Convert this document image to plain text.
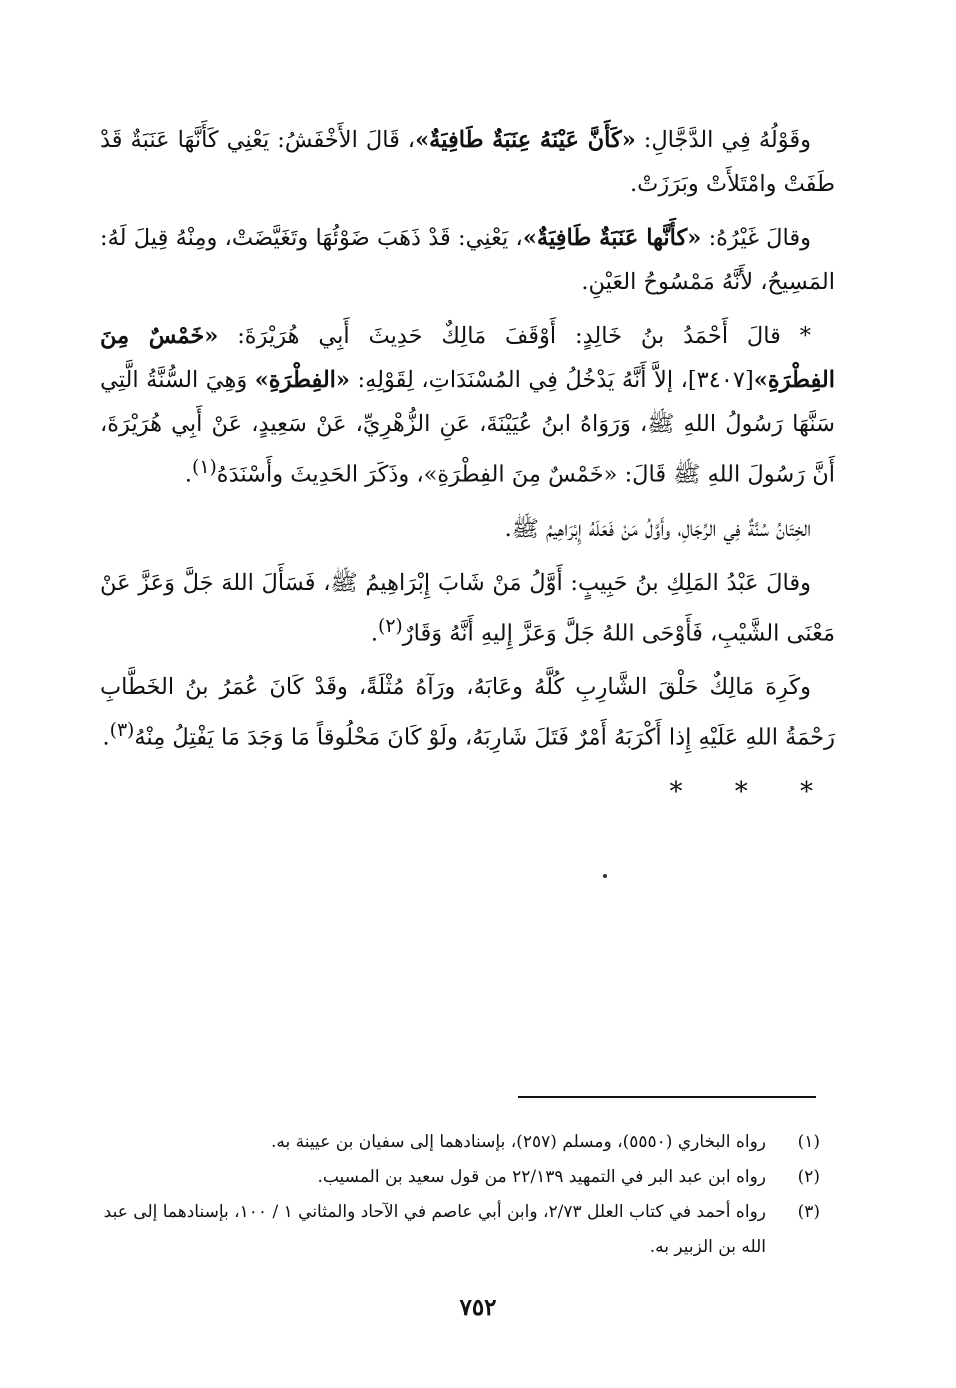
وقَوْلُهُ فِي الدَّجَّالِ: «كَأَنَّ عَيْنَهُ عِنَبَةٌ طَافِيَةٌ»، قَالَ الأَخْفَشُ: يَعْنِي كَأَنَّهَا عَنَبَةٌ قَدْ طَفَتْ وامْتَلأَتْ وبَرَزَتْ.

وقالَ غَيْرُهُ: «كأَنَّها عَنَبَةٌ طَافِيَةٌ»، يَعْنِي: قَدْ ذَهَبَ ضَوْئُهَا وتَغَيَّضَتْ، ومِنْهُ قِيلَ لَهُ: المَسِيحُ، لأَنَّهُ مَمْسُوحُ العَيْنِ.

* قالَ أَحْمَدُ بنُ خَالِدٍ: أَوْقَفَ مَالِكٌ حَدِيثَ أَبِي هُرَيْرَةَ: «خَمْسٌ مِنَ الفِطْرَةِ»[٣٤٠٧]، إلاَّ أَنَّهُ يَدْخُلُ فِي المُسْنَدَاتِ، لِقَوْلِهِ: «الفِطْرَةِ» وَهِيَ السُّنَّةُ الَّتِي سَنَّهَا رَسُولُ اللهِ ﷺ، وَرَوَاهُ ابنُ عُيَيْنَةَ، عَنِ الزُّهْرِيِّ، عَنْ سَعِيدٍ، عَنْ أَبِي هُرَيْرَةَ، أَنَّ رَسُولَ اللهِ ﷺ قَالَ: «خَمْسٌ مِنَ الفِطْرَةِ»، وذَكَرَ الحَدِيثَ وأَسْنَدَهُ$^{(١)}$.

الخِتَانُ سُنَّةٌ فِي الرِّجَالِ، وأَوَّلُ مَنْ فَعَلَهُ إِبْرَاهِيمُ ﷺ.

وقالَ عَبْدُ المَلِكِ بنُ حَبِيبٍ: أَوَّلُ مَنْ شَابَ إِبْرَاهِيمُ ﷺ، فَسَأَلَ اللهَ جَلَّ وَعَزَّ عَنْ مَعْنَى الشَّيْبِ، فَأَوْحَى اللهُ جَلَّ وَعَزَّ إِليهِ أَنَّهُ وَقَارٌ$^{(٢)}$.

وكَرِهَ مَالِكٌ حَلْقَ الشَّارِبِ كُلَّهُ وعَابَهُ، ورَآهُ مُثْلَةً، وقَدْ كَانَ عُمَرُ بنُ الخَطَّابِ رَحْمَةُ اللهِ عَلَيْهِ إِذا أَكْرَبَهُ أَمْرٌ فَتَلَ شَارِبَهُ، ولَوْ كَانَ مَحْلُوقاً مَا وَجَدَ مَا يَفْتِلُ مِنْهُ$^{(٣)}$.

* * *
(١)
رواه البخاري (٥٥٥٠)، ومسلم (٢٥٧)، بإسنادهما إلى سفيان بن عيينة به.
(٢)
رواه ابن عبد البر في التمهيد ٢٢/١٣٩ من قول سعيد بن المسيب.
(٣)
رواه أحمد في كتاب العلل ٢/٧٣، وابن أبي عاصم في الآحاد والمثاني ١ / ١٠٠، بإسنادهما إلى عبد الله بن الزبير به.
٧٥٢
